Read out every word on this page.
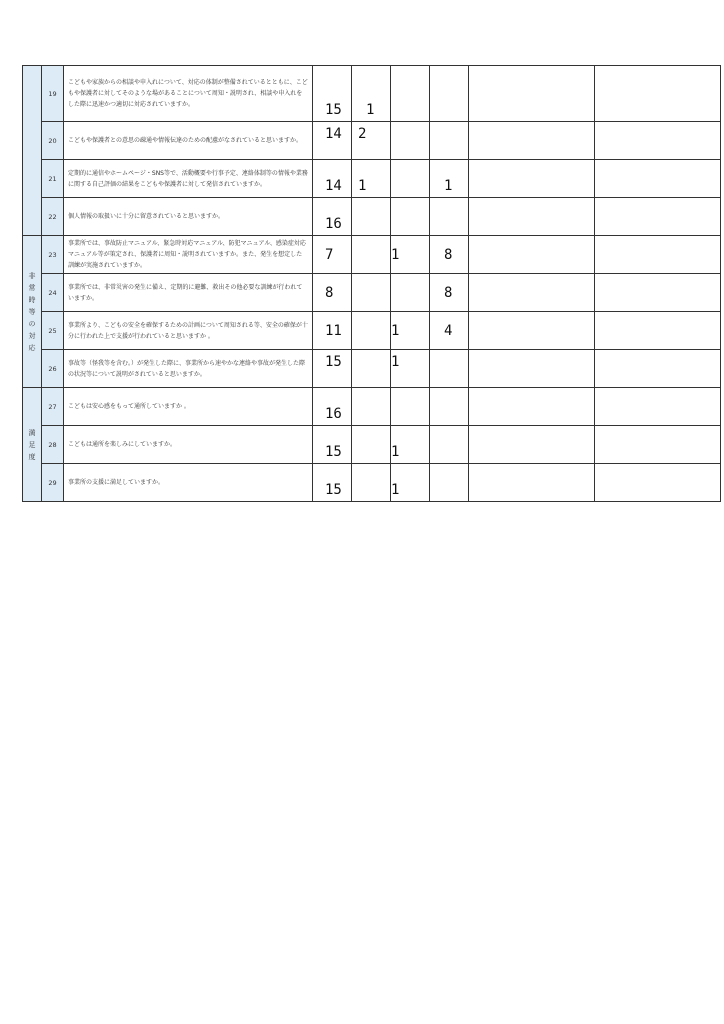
	19	こどもや家族からの相談や申入れについて、対応の体制が整備されているとともに、こどもや保護者に対してそのような場があることについて周知・説明され、相談や申入れをした際に迅速かつ適切に対応されていますか。	15	1				
	20	こどもや保護者との意思の疎通や情報伝達のための配慮がなされていると思いますか。	14	2				
	21	定期的に通信やホームページ・SNS等で、活動概要や行事予定、連絡体制等の情報や業務に関する自己評価の結果をこどもや保護者に対して発信されていますか。	14	1		1		
	22	個人情報の取扱いに十分に留意されていると思いますか。	16					
非常時等の対応	23	事業所では、事故防止マニュアル、緊急時対応マニュアル、防犯マニュアル、感染症対応マニュアル等が策定され、保護者に周知・説明されていますか。また、発生を想定した訓練が実施されていますか。	7		1	8		
	24	事業所では、非常災害の発生に備え、定期的に避難、救出その他必要な訓練が行われていますか。	8			8		
	25	事業所より、こどもの安全を確保するための計画について周知される等、安全の確保が十分に行われた上で支援が行われていると思いますか 。	11		1	4		
	26	事故等（怪我等を含む。）が発生した際に、事業所から速やかな連絡や事故が発生した際の状況等について説明がされていると思いますか。	15		1			
満足度	27	こどもは安心感をもって通所していますか 。	16					
	28	こどもは通所を楽しみにしていますか。	15		1			
	29	事業所の支援に満足していますか。	15		1			
